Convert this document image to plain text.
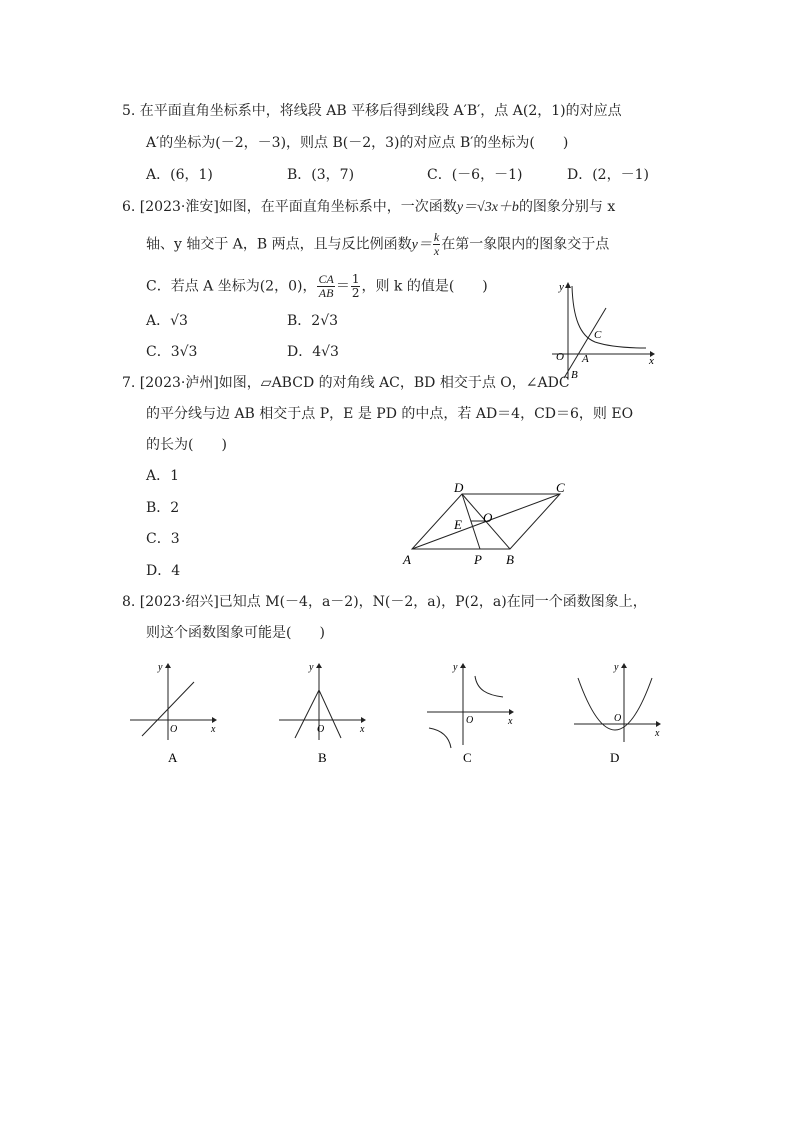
5. 在平面直角坐标系中，将线段 AB 平移后得到线段 A′B′，点 A(2，1)的对应点
A′的坐标为(－2，－3)，则点 B(－2，3)的对应点 B′的坐标为(　　)
A．(6，1)	B．(3，7)	C．(－6，－1)	D．(2，－1)
6. [2023·淮安]如图，在平面直角坐标系中，一次函数y＝√3x＋b的图象分别与 x
轴、y 轴交于 A，B 两点，且与反比例函数$y= \frac{k}{x}$ 在第一象限内的图象交于点
C．若点 A 坐标为(2，0)， $\frac{CA}{AB} = \frac{1}{2}$ ，则 k 的值是(　　)
A．√3	B．2√3
C．3√3	D．4√3
y
x
O A
B
C
7. [2023·泸州]如图，▱ABCD 的对角线 AC，BD 相交于点 O，∠ADC
的平分线与边 AB 相交于点 P，E 是 PD 的中点，若 AD＝4，CD＝6，则 EO
的长为(　　)
A．1
B．2
C．3
D．4
A	B
C
D
E O
P
8. [2023·绍兴]已知点 M(－4，a－2)，N(－2，a)，P(2，a)在同一个函数图象上，
则这个函数图象可能是(　　)
y
x
O
A
y
x
O
B
y
x
O
C
y
x
O
D
